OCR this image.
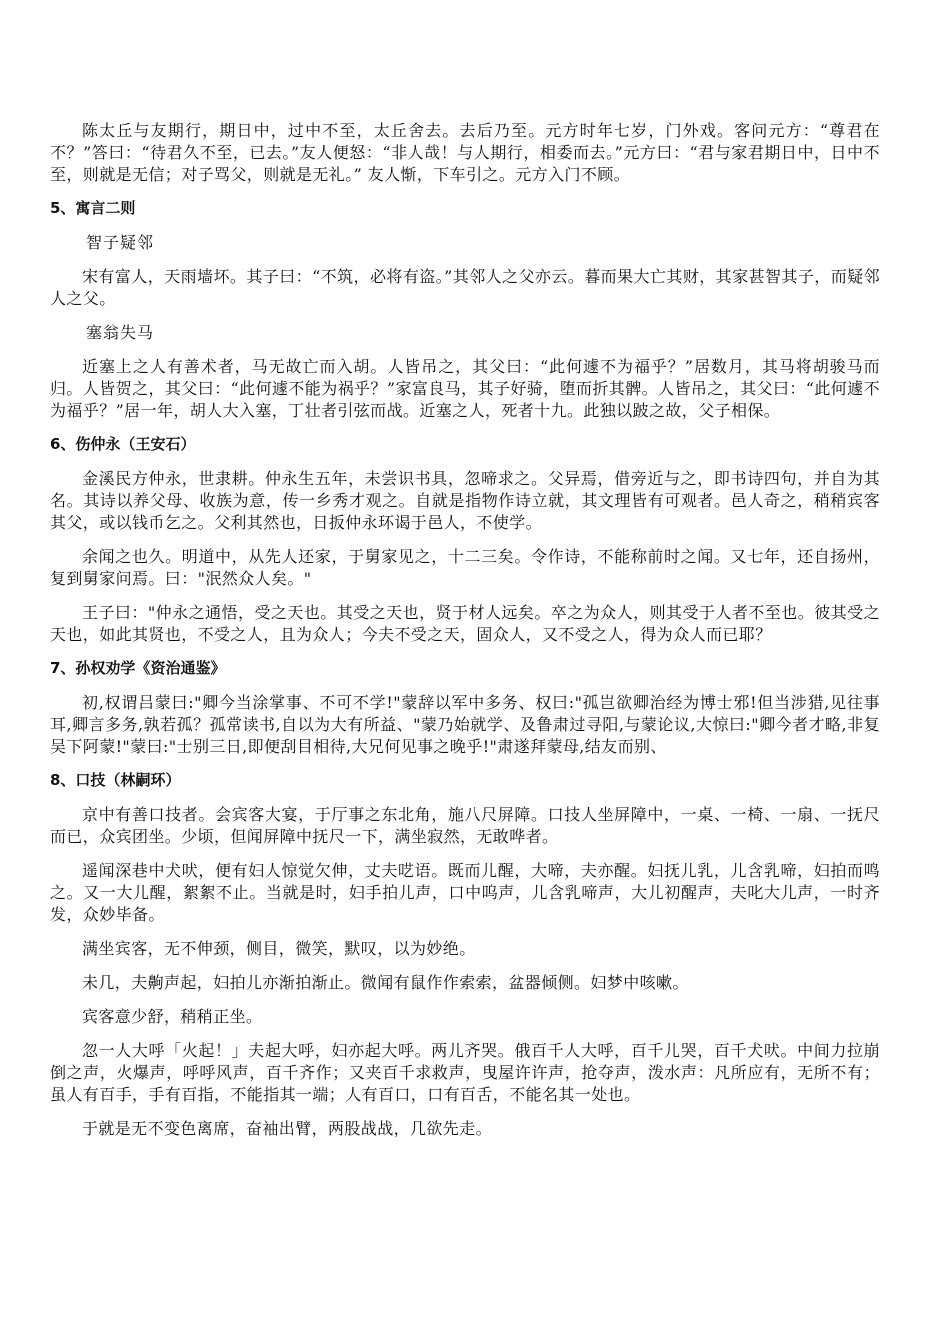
陈太丘与友期行，期日中，过中不至，太丘舍去。去后乃至。元方时年七岁，门外戏。客问元方：“尊君在不？”答曰：“待君久不至，已去。”友人便怒：“非人哉！与人期行，相委而去。”元方曰：“君与家君期日中，日中不至，则就是无信；对子骂父，则就是无礼。” 友人惭，下车引之。元方入门不顾。

5、寓言二则

智子疑邻

宋有富人，天雨墙坏。其子曰：“不筑，必将有盗。”其邻人之父亦云。暮而果大亡其财，其家甚智其子，而疑邻人之父。

塞翁失马

近塞上之人有善术者，马无故亡而入胡。人皆吊之，其父曰：“此何遽不为福乎？”居数月，其马将胡骏马而归。人皆贺之，其父曰：“此何遽不能为祸乎？”家富良马，其子好骑，堕而折其髀。人皆吊之，其父曰：“此何遽不为福乎？”居一年，胡人大入塞，丁壮者引弦而战。近塞之人，死者十九。此独以跛之故，父子相保。

6、伤仲永（王安石）

金溪民方仲永，世隶耕。仲永生五年，未尝识书具，忽啼求之。父异焉，借旁近与之，即书诗四句，并自为其名。其诗以养父母、收族为意，传一乡秀才观之。自就是指物作诗立就，其文理皆有可观者。邑人奇之，稍稍宾客其父，或以钱币乞之。父利其然也，日扳仲永环谒于邑人，不使学。

余闻之也久。明道中，从先人还家，于舅家见之，十二三矣。令作诗，不能称前时之闻。又七年，还自扬州，复到舅家问焉。曰："泯然众人矣。"

王子曰："仲永之通悟，受之天也。其受之天也，贤于材人远矣。卒之为众人，则其受于人者不至也。彼其受之天也，如此其贤也，不受之人，且为众人；今夫不受之天，固众人，又不受之人，得为众人而已耶？

7、孙权劝学《资治通鉴》

初,权谓吕蒙曰:"卿今当涂掌事、不可不学!"蒙辞以军中多务、权曰:"孤岂欲卿治经为博士邪!但当涉猎,见往事耳,卿言多务,孰若孤？孤常读书,自以为大有所益、"蒙乃始就学、及鲁肃过寻阳,与蒙论议,大惊曰:"卿今者才略,非复吴下阿蒙!"蒙曰:"士别三日,即便刮目相待,大兄何见事之晚乎!"肃遂拜蒙母,结友而别、

8、口技（林嗣环）

京中有善口技者。会宾客大宴，于厅事之东北角，施八尺屏障。口技人坐屏障中，一桌、一椅、一扇、一抚尺而已，众宾团坐。少顷，但闻屏障中抚尺一下，满坐寂然，无敢哗者。

遥闻深巷中犬吠，便有妇人惊觉欠伸，丈夫呓语。既而儿醒，大啼，夫亦醒。妇抚儿乳，儿含乳啼，妇拍而鸣之。又一大儿醒，絮絮不止。当就是时，妇手拍儿声，口中呜声，儿含乳啼声，大儿初醒声，夫叱大儿声，一时齐发，众妙毕备。

满坐宾客，无不伸颈，侧目，微笑，默叹，以为妙绝。

未几，夫齁声起，妇拍儿亦渐拍渐止。微闻有鼠作作索索，盆器倾侧。妇梦中咳嗽。

宾客意少舒，稍稍正坐。

忽一人大呼「火起！」夫起大呼，妇亦起大呼。两儿齐哭。俄百千人大呼，百千儿哭，百千犬吠。中间力拉崩倒之声，火爆声，呼呼风声，百千齐作；又夹百千求救声，曳屋许许声，抢夺声，泼水声：凡所应有，无所不有；虽人有百手，手有百指，不能指其一端；人有百口，口有百舌，不能名其一处也。

于就是无不变色离席，奋袖出臂，两股战战，几欲先走。
